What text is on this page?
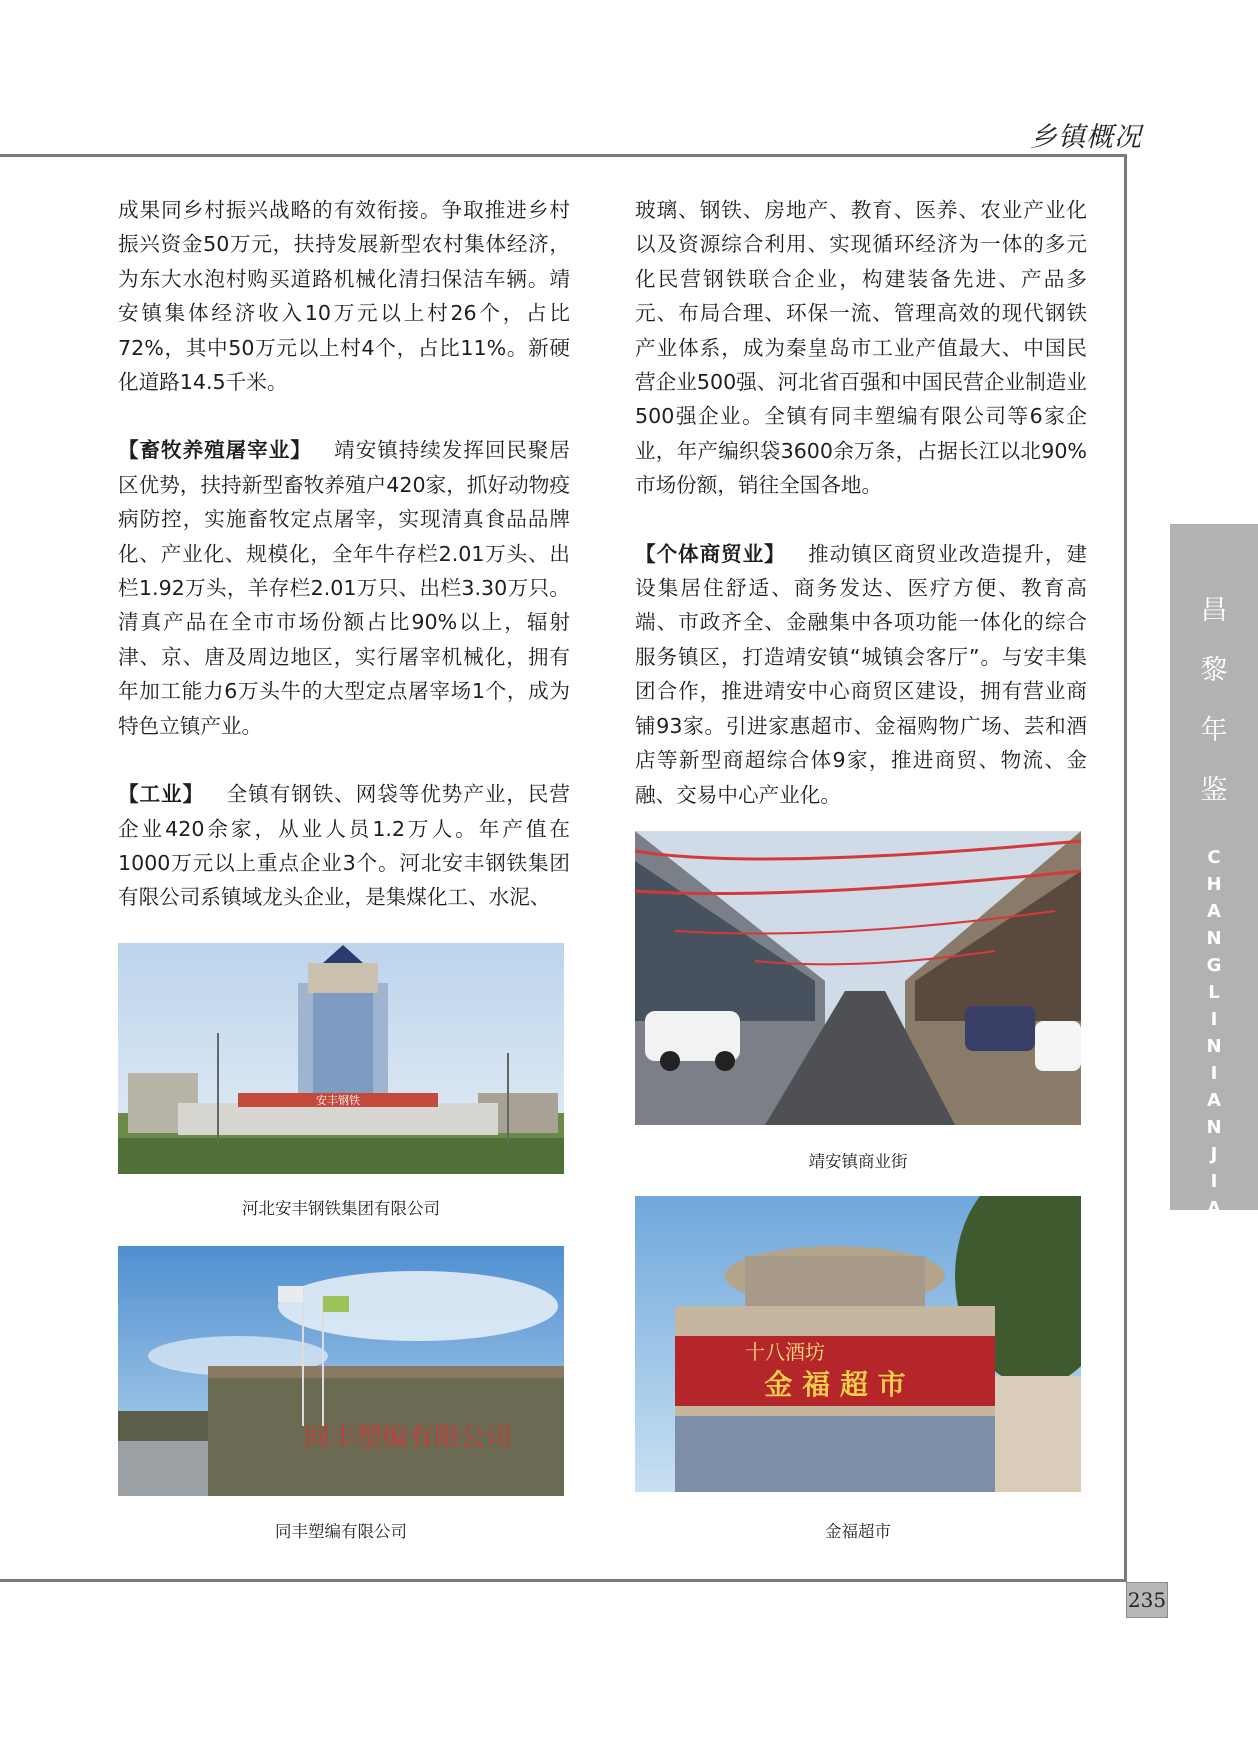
乡镇概况
昌
黎
年
鉴
C
H
A
N
G
L
I
N
I
A
N
J
I
A
N
235

成果同乡村振兴战略的有效衔接。争取推进乡村振兴资金50万元，扶持发展新型农村集体经济，为东大水泡村购买道路机械化清扫保洁车辆。靖安镇集体经济收入10万元以上村26个，占比72%，其中50万元以上村4个，占比11%。新硬化道路14.5千米。

【畜牧养殖屠宰业】 靖安镇持续发挥回民聚居区优势，扶持新型畜牧养殖户420家，抓好动物疫病防控，实施畜牧定点屠宰，实现清真食品品牌化、产业化、规模化，全年牛存栏2.01万头、出栏1.92万头，羊存栏2.01万只、出栏3.30万只。清真产品在全市市场份额占比90%以上，辐射津、京、唐及周边地区，实行屠宰机械化，拥有年加工能力6万头牛的大型定点屠宰场1个，成为特色立镇产业。

【工业】 全镇有钢铁、网袋等优势产业，民营企业420余家，从业人员1.2万人。年产值在1000万元以上重点企业3个。河北安丰钢铁集团有限公司系镇域龙头企业，是集煤化工、水泥、

玻璃、钢铁、房地产、教育、医养、农业产业化以及资源综合利用、实现循环经济为一体的多元化民营钢铁联合企业，构建装备先进、产品多元、布局合理、环保一流、管理高效的现代钢铁产业体系，成为秦皇岛市工业产值最大、中国民营企业500强、河北省百强和中国民营企业制造业500强企业。全镇有同丰塑编有限公司等6家企业，年产编织袋3600余万条，占据长江以北90%市场份额，销往全国各地。

【个体商贸业】 推动镇区商贸业改造提升，建设集居住舒适、商务发达、医疗方便、教育高端、市政齐全、金融集中各项功能一体化的综合服务镇区，打造靖安镇“城镇会客厅”。与安丰集团合作，推进靖安中心商贸区建设，拥有营业商铺93家。引进家惠超市、金福购物广场、芸和酒店等新型商超综合体9家，推进商贸、物流、金融、交易中心产业化。

安丰钢铁
河北安丰钢铁集团有限公司
同丰塑编有限公司
同丰塑编有限公司
靖安镇商业街
十八酒坊
金 福 超 市
金福超市
